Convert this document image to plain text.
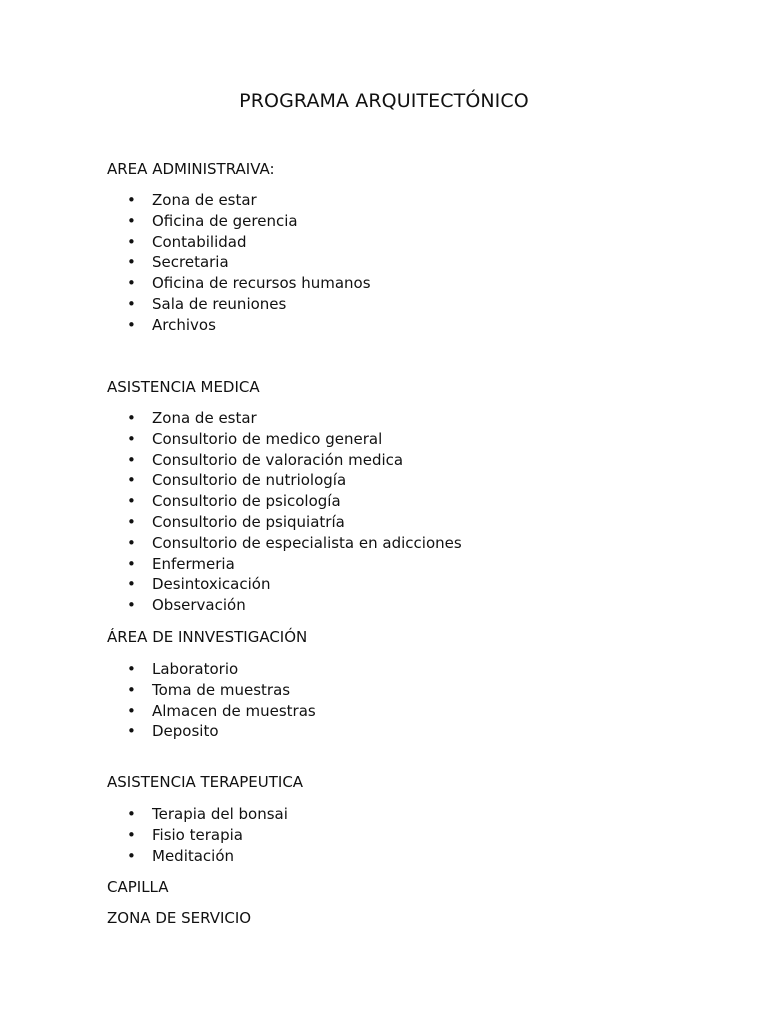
PROGRAMA ARQUITECTÓNICO
AREA ADMINISTRAIVA:
• Zona de estar
• Oficina de gerencia
• Contabilidad
• Secretaria
• Oficina de recursos humanos
• Sala de reuniones
• Archivos
ASISTENCIA MEDICA
• Zona de estar
• Consultorio de medico general
• Consultorio de valoración medica
• Consultorio de nutriología
• Consultorio de psicología
• Consultorio de psiquiatría
• Consultorio de especialista en adicciones
• Enfermeria
• Desintoxicación
• Observación
ÁREA DE INNVESTIGACIÓN
• Laboratorio
• Toma de muestras
• Almacen de muestras
• Deposito
ASISTENCIA TERAPEUTICA
• Terapia del bonsai
• Fisio terapia
• Meditación
CAPILLA
ZONA DE SERVICIO
